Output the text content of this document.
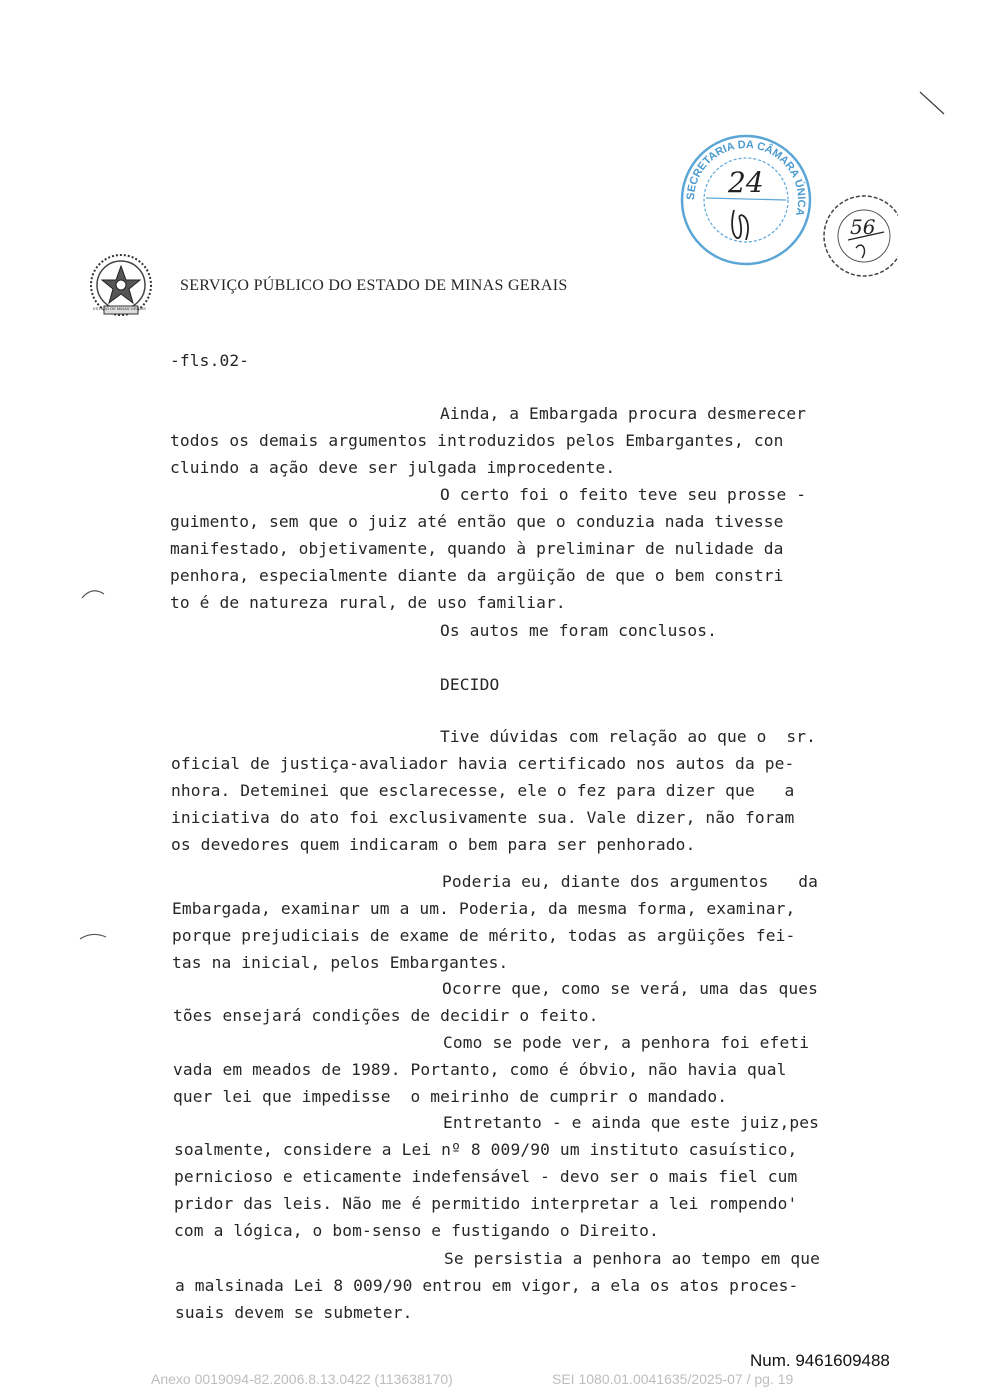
ESTADO DE MINAS GERAIS
SERVIÇO PÚBLICO DO ESTADO DE MINAS GERAIS
SECRETARIA DA CÂMARA ÚNICA
24
56
-fls.02-
Ainda, a Embargada procura desmerecer
todos os demais argumentos introduzidos pelos Embargantes, con
cluindo a ação deve ser julgada improcedente.
O certo foi o feito teve seu prosse -
guimento, sem que o juiz até então que o conduzia nada tivesse
manifestado, objetivamente, quando à preliminar de nulidade da
penhora, especialmente diante da argüição de que o bem constri
to é de natureza rural, de uso familiar.
Os autos me foram conclusos.
DECIDO
Tive dúvidas com relação ao que o  sr.
oficial de justiça-avaliador havia certificado nos autos da pe-
nhora. Deteminei que esclarecesse, ele o fez para dizer que   a
iniciativa do ato foi exclusivamente sua. Vale dizer, não foram
os devedores quem indicaram o bem para ser penhorado.
Poderia eu, diante dos argumentos   da
Embargada, examinar um a um. Poderia, da mesma forma, examinar,
porque prejudiciais de exame de mérito, todas as argüições fei-
tas na inicial, pelos Embargantes.
Ocorre que, como se verá, uma das ques
tões ensejará condições de decidir o feito.
Como se pode ver, a penhora foi efeti
vada em meados de 1989. Portanto, como é óbvio, não havia qual
quer lei que impedisse  o meirinho de cumprir o mandado.
Entretanto - e ainda que este juiz,pes
soalmente, considere a Lei nº 8 009/90 um instituto casuístico,
pernicioso e eticamente indefensável - devo ser o mais fiel cum
pridor das leis. Não me é permitido interpretar a lei rompendo'
com a lógica, o bom-senso e fustigando o Direito.
Se persistia a penhora ao tempo em que
a malsinada Lei 8 009/90 entrou em vigor, a ela os atos proces-
suais devem se submeter.
Num. 9461609488
Anexo 0019094-82.2006.8.13.0422 (113638170)	SEI 1080.01.0041635/2025-07 / pg. 19
